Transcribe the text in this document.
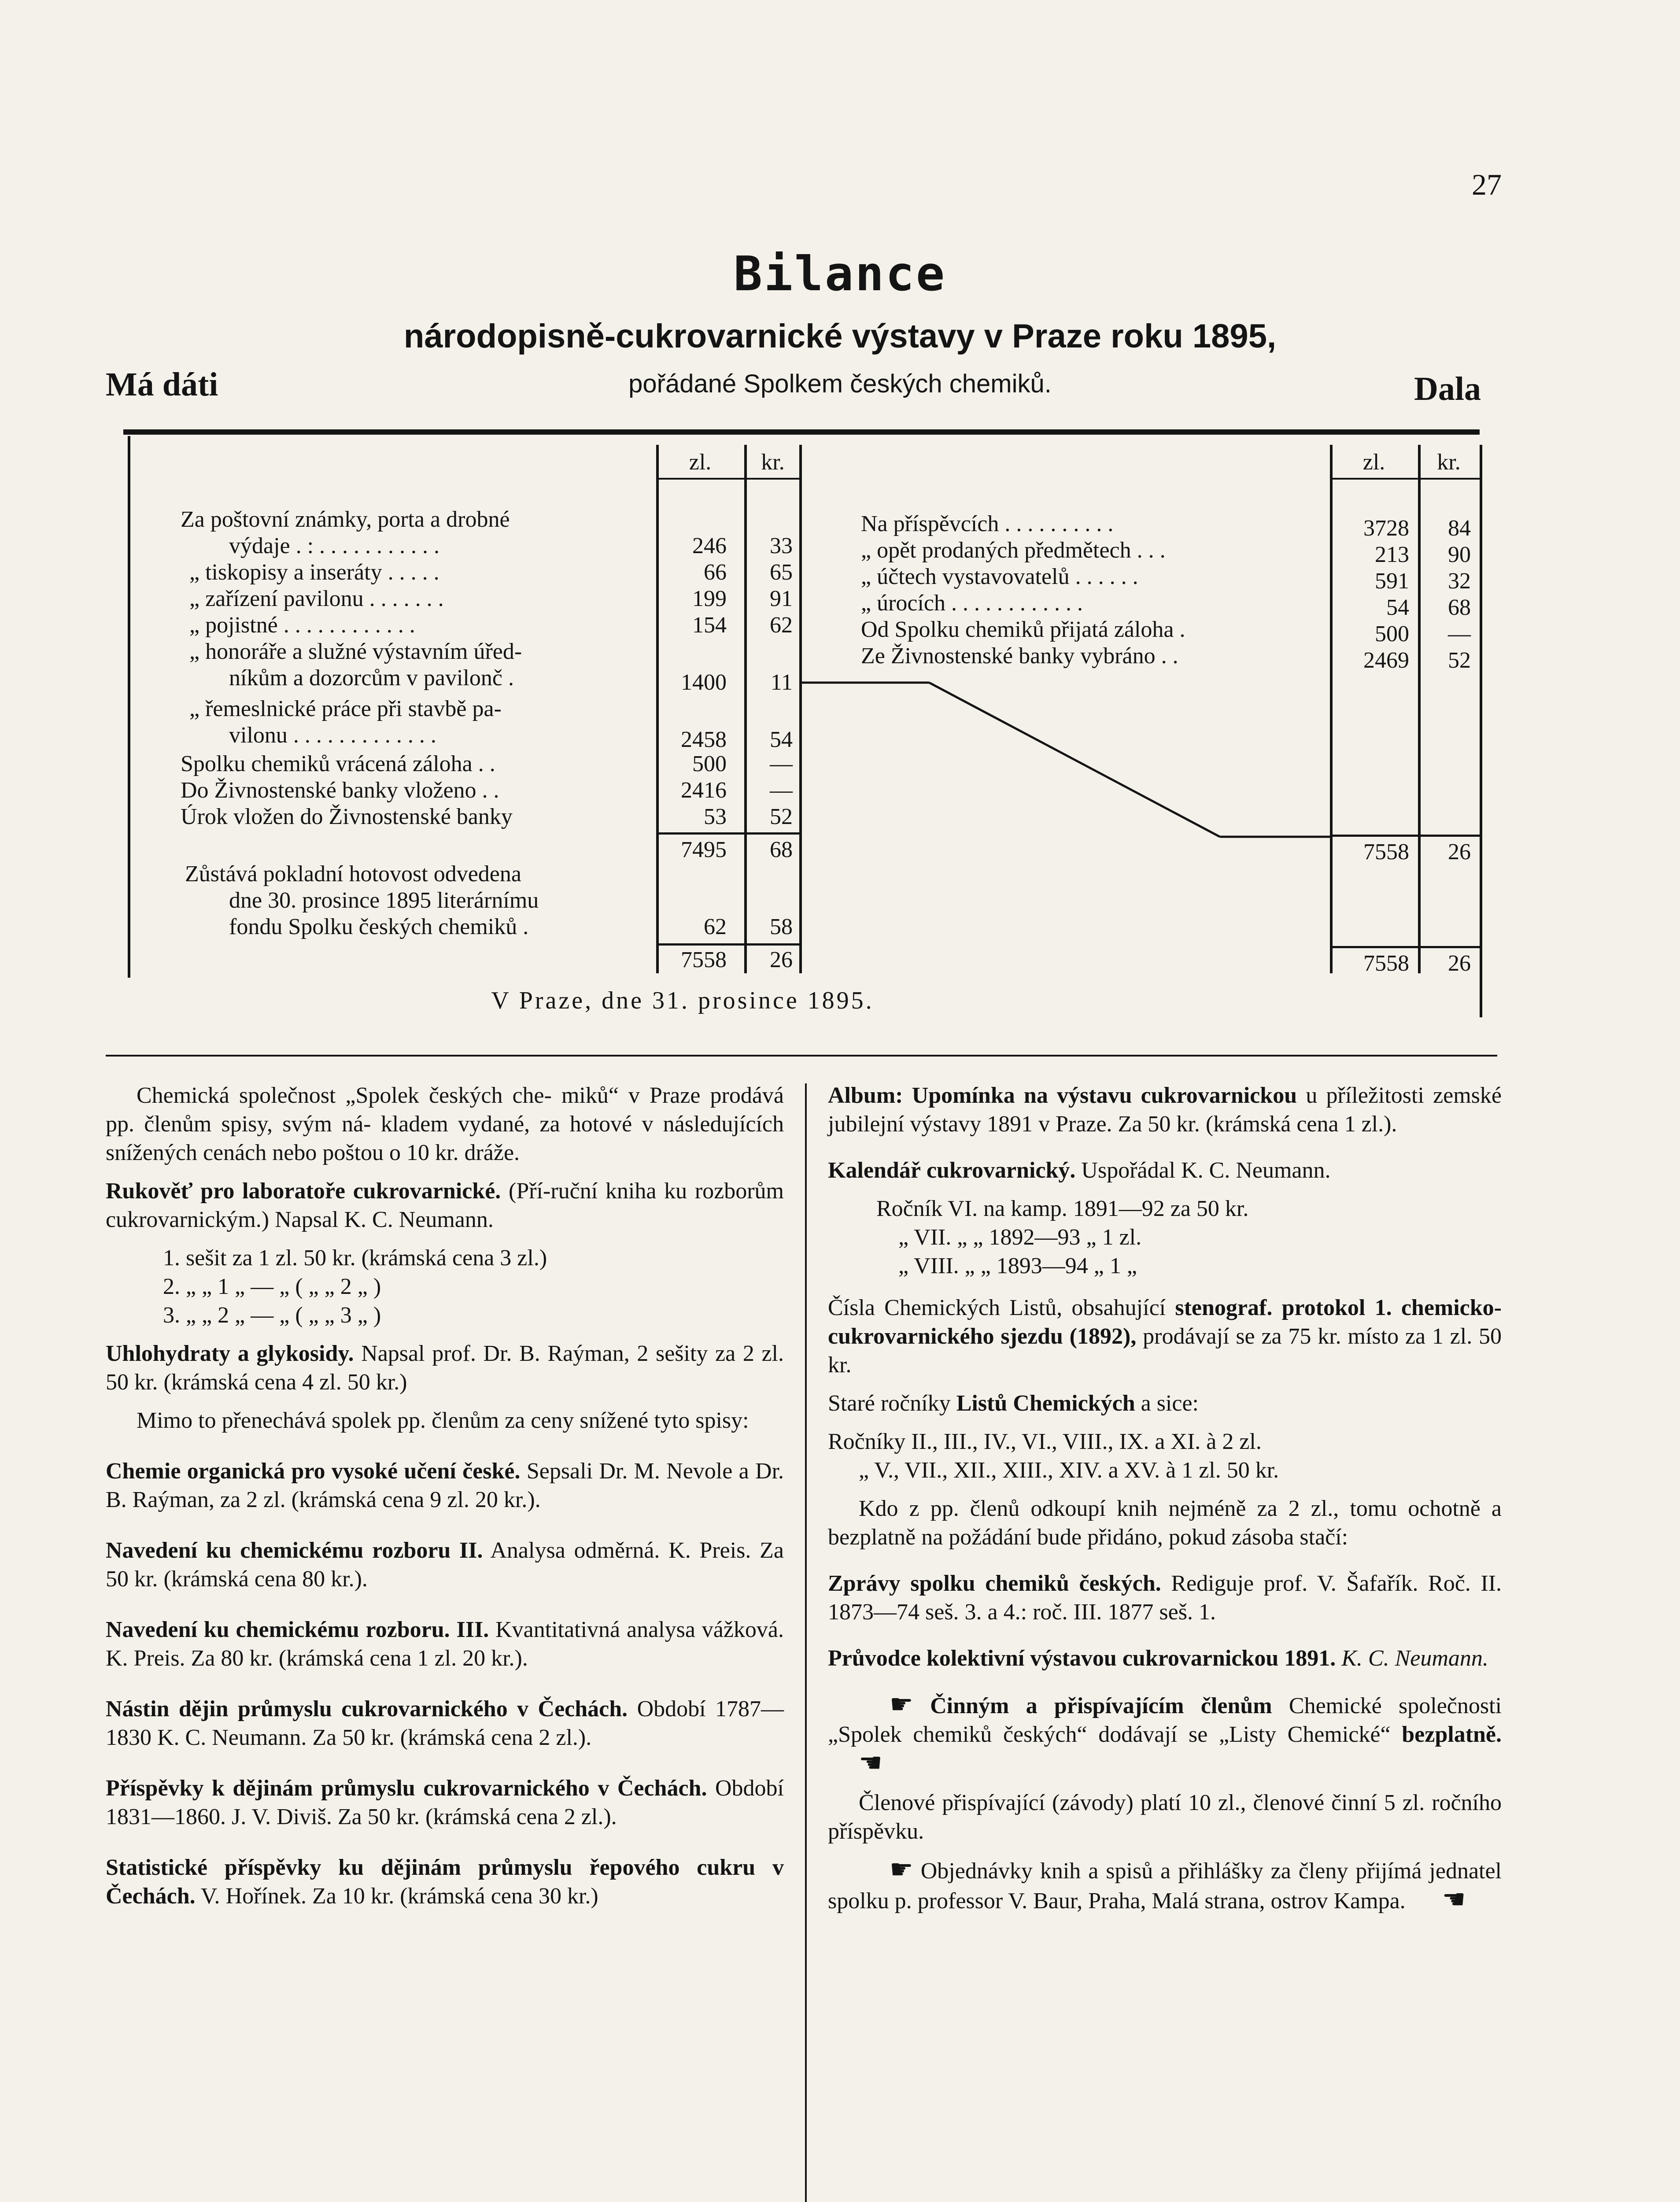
27
Bilance
národopisně-cukrovarnické výstavy v Praze roku 1895,
pořádané Spolkem českých chemiků.
Má dáti	Dala
zl.	kr.	zl.	kr.
Za poštovní známky, porta a drobné
výdaje . : . . . . . . . . . . .	246	33
„ tiskopisy a inseráty . . . . .	66	65
„ zařízení pavilonu . . . . . . .	199	91
„ pojistné . . . . . . . . . . . .	154	62
„ honoráře a služné výstavním úřed-
níkům a dozorcům v pavilonč .	1400	11
„ řemeslnické práce při stavbě pa-
vilonu . . . . . . . . . . . . .	2458	54
Spolku chemiků vrácená záloha . .	500	—
Do Živnostenské banky vloženo . .	2416	—
Úrok vložen do Živnostenské banky	53	52
7495	68
Zůstává pokladní hotovost odvedena
dne 30. prosince 1895 literárnímu
fondu Spolku českých chemiků .	62	58
7558	26
Na příspěvcích . . . . . . . . . .	3728	84
„ opět prodaných předmětech . . .	213	90
„ účtech vystavovatelů . . . . . .	591	32
„ úrocích . . . . . . . . . . . .	54	68
Od Spolku chemiků přijatá záloha .	500	—
Ze Živnostenské banky vybráno . .	2469	52
7558	26
7558	26
V Praze, dne 31. prosince 1895.

Chemická společnost „Spolek českých che- miků“ v Praze prodává pp. členům spisy, svým ná- kladem vydané, za hotové v následujících snížených cenách nebo poštou o 10 kr. dráže.

Rukověť pro laboratoře cukrovarnické. (Pří-ruční kniha ku rozborům cukrovarnickým.) Napsal K. C. Neumann.

1. sešit za 1 zl. 50 kr. (krámská cena 3 zl.)
2. „ „ 1 „ — „ ( „ „ 2 „ )
3. „ „ 2 „ — „ ( „ „ 3 „ )

Uhlohydraty a glykosidy. Napsal prof. Dr. B. Raýman, 2 sešity za 2 zl. 50 kr. (krámská cena 4 zl. 50 kr.)

Mimo to přenechává spolek pp. členům za ceny snížené tyto spisy:

Chemie organická pro vysoké učení české. Sepsali Dr. M. Nevole a Dr. B. Raýman, za 2 zl. (krámská cena 9 zl. 20 kr.).

Navedení ku chemickému rozboru II. Analysa odměrná. K. Preis. Za 50 kr. (krámská cena 80 kr.).

Navedení ku chemickému rozboru. III. Kvantitativná analysa vážková. K. Preis. Za 80 kr. (krámská cena 1 zl. 20 kr.).

Nástin dějin průmyslu cukrovarnického v Čechách. Období 1787—1830 K. C. Neumann. Za 50 kr. (krámská cena 2 zl.).

Příspěvky k dějinám průmyslu cukrovarnického v Čechách. Období 1831—1860. J. V. Diviš. Za 50 kr. (krámská cena 2 zl.).

Statistické příspěvky ku dějinám průmyslu řepového cukru v Čechách. V. Hořínek. Za 10 kr. (krámská cena 30 kr.)

Album: Upomínka na výstavu cukrovarnickou u příležitosti zemské jubilejní výstavy 1891 v Praze. Za 50 kr. (krámská cena 1 zl.).

Kalendář cukrovarnický. Uspořádal K. C. Neumann.

Ročník VI. na kamp. 1891—92 za 50 kr.
„ VII. „ „ 1892—93 „ 1 zl.
„ VIII. „ „ 1893—94 „ 1 „

Čísla Chemických Listů, obsahující stenograf. protokol 1. chemicko-cukrovarnického sjezdu (1892), prodávají se za 75 kr. místo za 1 zl. 50 kr.

Staré ročníky Listů Chemických a sice:

Ročníky II., III., IV., VI., VIII., IX. a XI. à 2 zl.
„ V., VII., XII., XIII., XIV. a XV. à 1 zl. 50 kr.

Kdo z pp. členů odkoupí knih nejméně za 2 zl., tomu ochotně a bezplatně na požádání bude přidáno, pokud zásoba stačí:

Zprávy spolku chemiků českých. Rediguje prof. V. Šafařík. Roč. II. 1873—74 seš. 3. a 4.: roč. III. 1877 seš. 1.

Průvodce kolektivní výstavou cukrovarnickou 1891. K. C. Neumann.

☛ Činným a přispívajícím členům Chemické společnosti „Spolek chemiků českých“ dodávají se „Listy Chemické“ bezplatně. ☚

Členové přispívající (závody) platí 10 zl., členové činní 5 zl. ročního příspěvku.

☛ Objednávky knih a spisů a přihlášky za členy přijímá jednatel spolku p. professor V. Baur, Praha, Malá strana, ostrov Kampa. ☚
